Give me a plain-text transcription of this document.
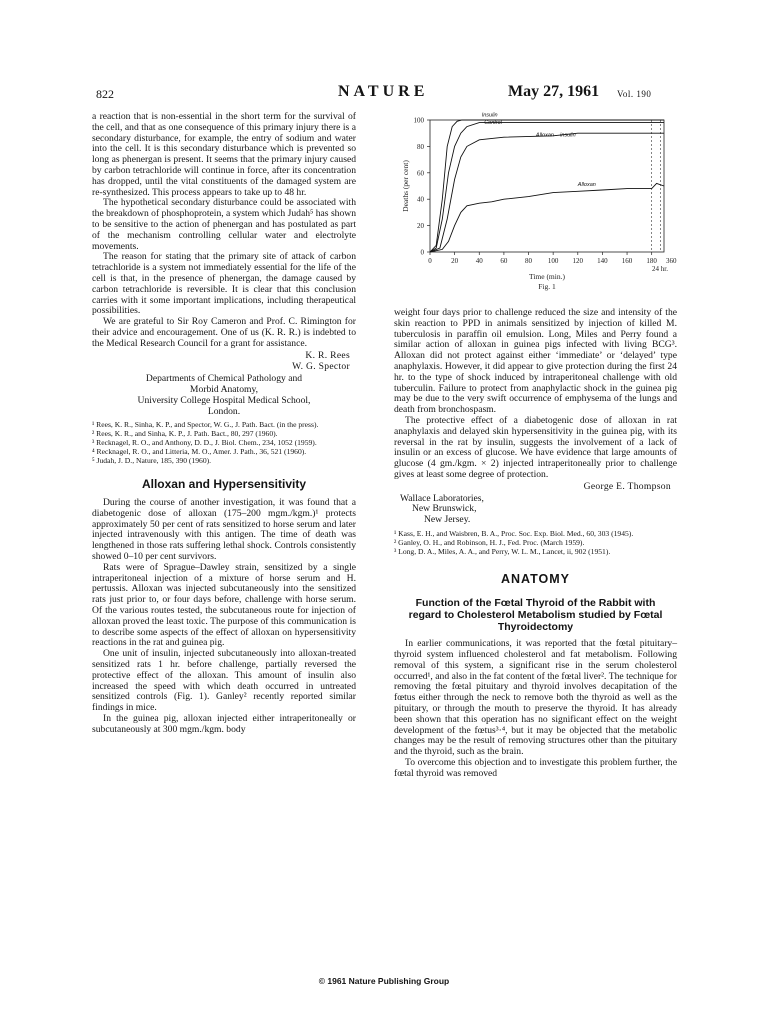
822	NATURE	May 27, 1961 Vol. 190

a reaction that is non-essential in the short term for the survival of the cell, and that as one consequence of this primary injury there is a secondary disturbance, for example, the entry of sodium and water into the cell. It is this secondary disturbance which is prevented so long as phenergan is present. It seems that the primary injury caused by carbon tetrachloride will continue in force, after its concentration has dropped, until the vital constituents of the damaged system are re-synthesized. This process appears to take up to 48 hr.

The hypothetical secondary disturbance could be associated with the breakdown of phosphoprotein, a system which Judah⁵ has shown to be sensitive to the action of phenergan and has postulated as part of the mechanism controlling cellular water and electrolyte movements.

The reason for stating that the primary site of attack of carbon tetrachloride is a system not immediately essential for the life of the cell is that, in the presence of phenergan, the damage caused by carbon tetrachloride is reversible. It is clear that this conclusion carries with it some important implications, including therapeutical possibilities.

We are grateful to Sir Roy Cameron and Prof. C. Rimington for their advice and encouragement. One of us (K. R. R.) is indebted to the Medical Research Council for a grant for assistance.

K. R. Rees
W. G. Spector
Departments of Chemical Pathology and
Morbid Anatomy,
University College Hospital Medical School,
London.
¹ Rees, K. R., Sinha, K. P., and Spector, W. G., J. Path. Bact. (in the press).
² Rees, K. R., and Sinha, K. P., J. Path. Bact., 80, 297 (1960).
³ Recknagel, R. O., and Anthony, D. D., J. Biol. Chem., 234, 1052 (1959).
⁴ Recknagel, R. O., and Litteria, M. O., Amer. J. Path., 36, 521 (1960).
⁵ Judah, J. D., Nature, 185, 390 (1960).
Alloxan and Hypersensitivity

During the course of another investigation, it was found that a diabetogenic dose of alloxan (175–200 mgm./kgm.)¹ protects approximately 50 per cent of rats sensitized to horse serum and later injected intravenously with this antigen. The time of death was lengthened in those rats suffering lethal shock. Controls consistently showed 0–10 per cent survivors.

Rats were of Sprague–Dawley strain, sensitized by a single intraperitoneal injection of a mixture of horse serum and H. pertussis. Alloxan was injected subcutaneously into the sensitized rats just prior to, or four days before, challenge with horse serum. Of the various routes tested, the subcutaneous route for injection of alloxan proved the least toxic. The purpose of this communication is to describe some aspects of the effect of alloxan on hypersensitivity reactions in the rat and guinea pig.

One unit of insulin, injected subcutaneously into alloxan-treated sensitized rats 1 hr. before challenge, partially reversed the protective effect of the alloxan. This amount of insulin also increased the speed with which death occurred in untreated sensitized controls (Fig. 1). Ganley² recently reported similar findings in mice.

In the guinea pig, alloxan injected either intraperitoneally or subcutaneously at 300 mgm./kgm. body

0
20
40
60
80
100
0	20	40	60	80 100 120 140 160 180 360
24 hr.
Time (min.)
Fig. 1
Deaths (per cent)
Insulin
Control
Alloxan – insulin
Alloxan

weight four days prior to challenge reduced the size and intensity of the skin reaction to PPD in animals sensitized by injection of killed M. tuberculosis in paraffin oil emulsion. Long, Miles and Perry found a similar action of alloxan in guinea pigs infected with living BCG³. Alloxan did not protect against either ‘immediate’ or ‘delayed’ type anaphylaxis. However, it did appear to give protection during the first 24 hr. to the type of shock induced by intraperitoneal challenge with old tuberculin. Failure to protect from anaphylactic shock in the guinea pig may be due to the very swift occurrence of emphysema of the lungs and death from bronchospasm.

The protective effect of a diabetogenic dose of alloxan in rat anaphylaxis and delayed skin hypersensitivity in the guinea pig, with its reversal in the rat by insulin, suggests the involvement of a lack of insulin or an excess of glucose. We have evidence that large amounts of glucose (4 gm./kgm. × 2) injected intraperitoneally prior to challenge gives at least some degree of protection.

George E. Thompson
Wallace Laboratories,
New Brunswick,
New Jersey.
¹ Kass, E. H., and Waisbren, B. A., Proc. Soc. Exp. Biol. Med., 60, 303 (1945).
² Ganley, O. H., and Robinson, H. J., Fed. Proc. (March 1959).
³ Long, D. A., Miles, A. A., and Perry, W. L. M., Lancet, ii, 902 (1951).
ANATOMY
Function of the Fœtal Thyroid of the Rabbit with regard to Cholesterol Metabolism studied by Fœtal Thyroidectomy

In earlier communications, it was reported that the fœtal pituitary–thyroid system influenced cholesterol and fat metabolism. Following removal of this system, a significant rise in the serum cholesterol occurred¹, and also in the fat content of the fœtal liver². The technique for removing the fœtal pituitary and thyroid involves decapitation of the fœtus either through the neck to remove both the thyroid as well as the pituitary, or through the mouth to preserve the thyroid. It has already been shown that this operation has no significant effect on the weight development of the fœtus³·⁴, but it may be objected that the metabolic changes may be the result of removing structures other than the pituitary and the thyroid, such as the brain.

To overcome this objection and to investigate this problem further, the fœtal thyroid was removed

© 1961 Nature Publishing Group
